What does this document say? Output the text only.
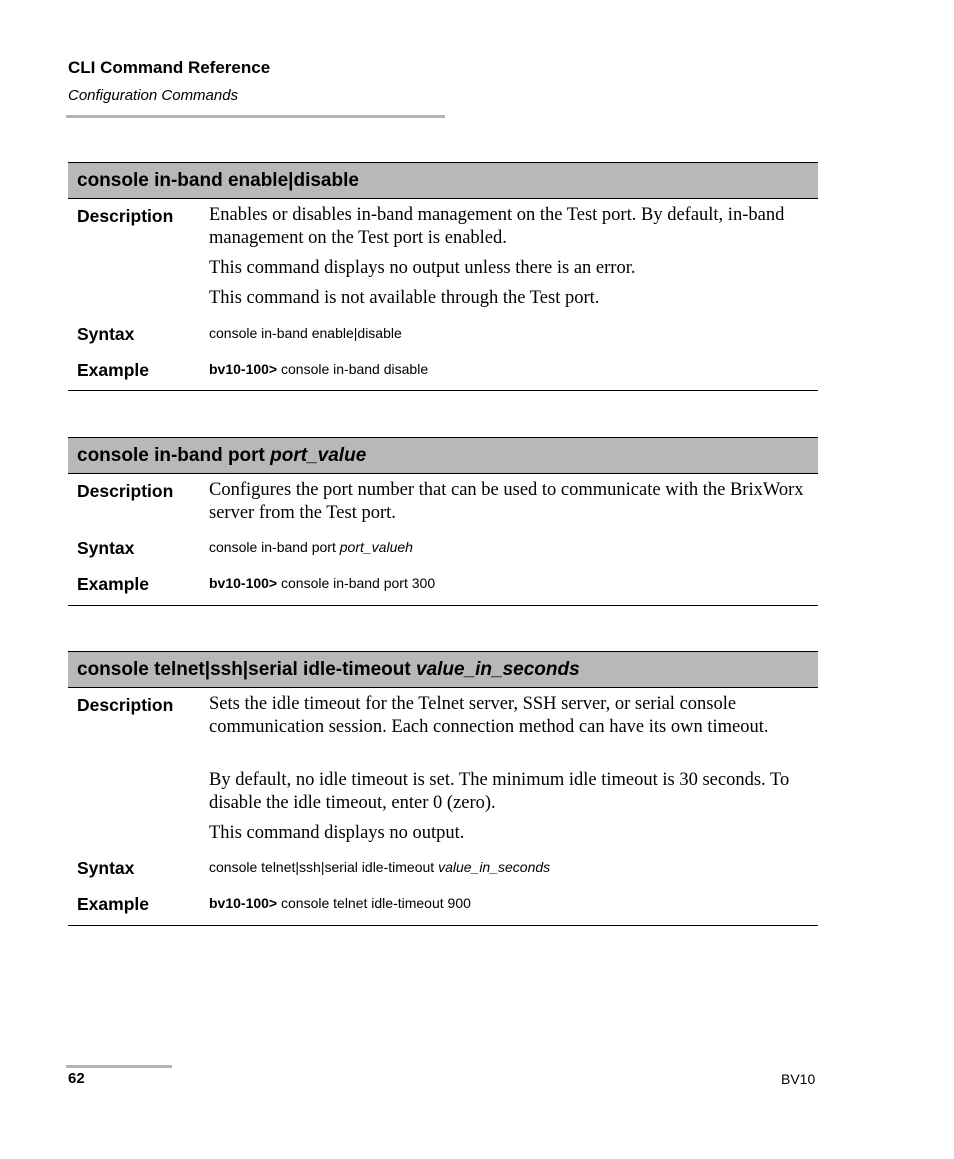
CLI Command Reference
Configuration Commands
console in-band enable|disable
Description Enables or disables in-band management on the Test port. By default, in-band management on the Test port is enabled.
This command displays no output unless there is an error.
This command is not available through the Test port.
Syntax	console in-band enable|disable
Example	bv10-100> console in-band disable
console in-band port port_value
Description Configures the port number that can be used to communicate with the BrixWorx server from the Test port.
Syntax	console in-band port port_valueh
Example	bv10-100> console in-band port 300
console telnet|ssh|serial idle-timeout value_in_seconds
Description Sets the idle timeout for the Telnet server, SSH server, or serial console communication session. Each connection method can have its own timeout.
By default, no idle timeout is set. The minimum idle timeout is 30 seconds. To disable the idle timeout, enter 0 (zero).
This command displays no output.
Syntax	console telnet|ssh|serial idle-timeout value_in_seconds
Example	bv10-100> console telnet idle-timeout 900
62	BV10
